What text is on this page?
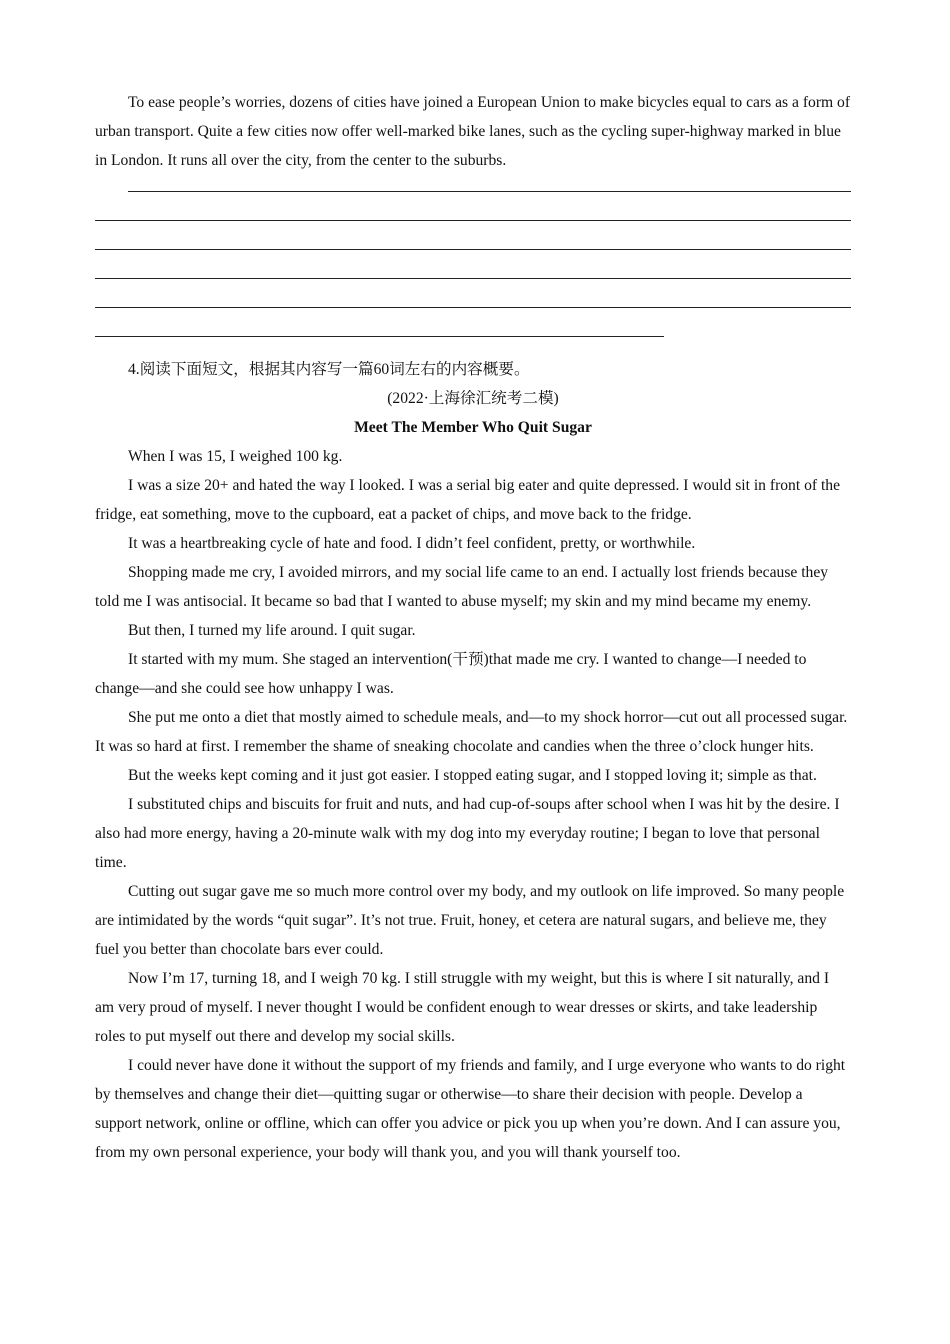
To ease people’s worries, dozens of cities have joined a European Union to make bicycles equal to cars as a form of urban transport. Quite a few cities now offer well-marked bike lanes, such as the cycling super-highway marked in blue in London. It runs all over the city, from the center to the suburbs.

4.阅读下面短文，根据其内容写一篇60词左右的内容概要。

(2022·上海徐汇统考二模)

Meet The Member Who Quit Sugar

When I was 15, I weighed 100 kg.

I was a size 20+ and hated the way I looked. I was a serial big eater and quite depressed. I would sit in front of the fridge, eat something, move to the cupboard, eat a packet of chips, and move back to the fridge.

It was a heartbreaking cycle of hate and food. I didn’t feel confident, pretty, or worthwhile.

Shopping made me cry, I avoided mirrors, and my social life came to an end. I actually lost friends because they told me I was antisocial. It became so bad that I wanted to abuse myself; my skin and my mind became my enemy.

But then, I turned my life around. I quit sugar.

It started with my mum. She staged an intervention(干预)that made me cry. I wanted to change—I needed to change—and she could see how unhappy I was.

She put me onto a diet that mostly aimed to schedule meals, and—to my shock horror—cut out all processed sugar. It was so hard at first. I remember the shame of sneaking chocolate and candies when the three o’clock hunger hits.

But the weeks kept coming and it just got easier. I stopped eating sugar, and I stopped loving it; simple as that.

I substituted chips and biscuits for fruit and nuts, and had cup-of-soups after school when I was hit by the desire. I also had more energy, having a 20-minute walk with my dog into my everyday routine; I began to love that personal time.

Cutting out sugar gave me so much more control over my body, and my outlook on life improved. So many people are intimidated by the words “quit sugar”. It’s not true. Fruit, honey, et cetera are natural sugars, and believe me, they fuel you better than chocolate bars ever could.

Now I’m 17, turning 18, and I weigh 70 kg. I still struggle with my weight, but this is where I sit naturally, and I am very proud of myself. I never thought I would be confident enough to wear dresses or skirts, and take leadership roles to put myself out there and develop my social skills.

I could never have done it without the support of my friends and family, and I urge everyone who wants to do right by themselves and change their diet—quitting sugar or otherwise—to share their decision with people. Develop a support network, online or offline, which can offer you advice or pick you up when you’re down. And I can assure you, from my own personal experience, your body will thank you, and you will thank yourself too.
